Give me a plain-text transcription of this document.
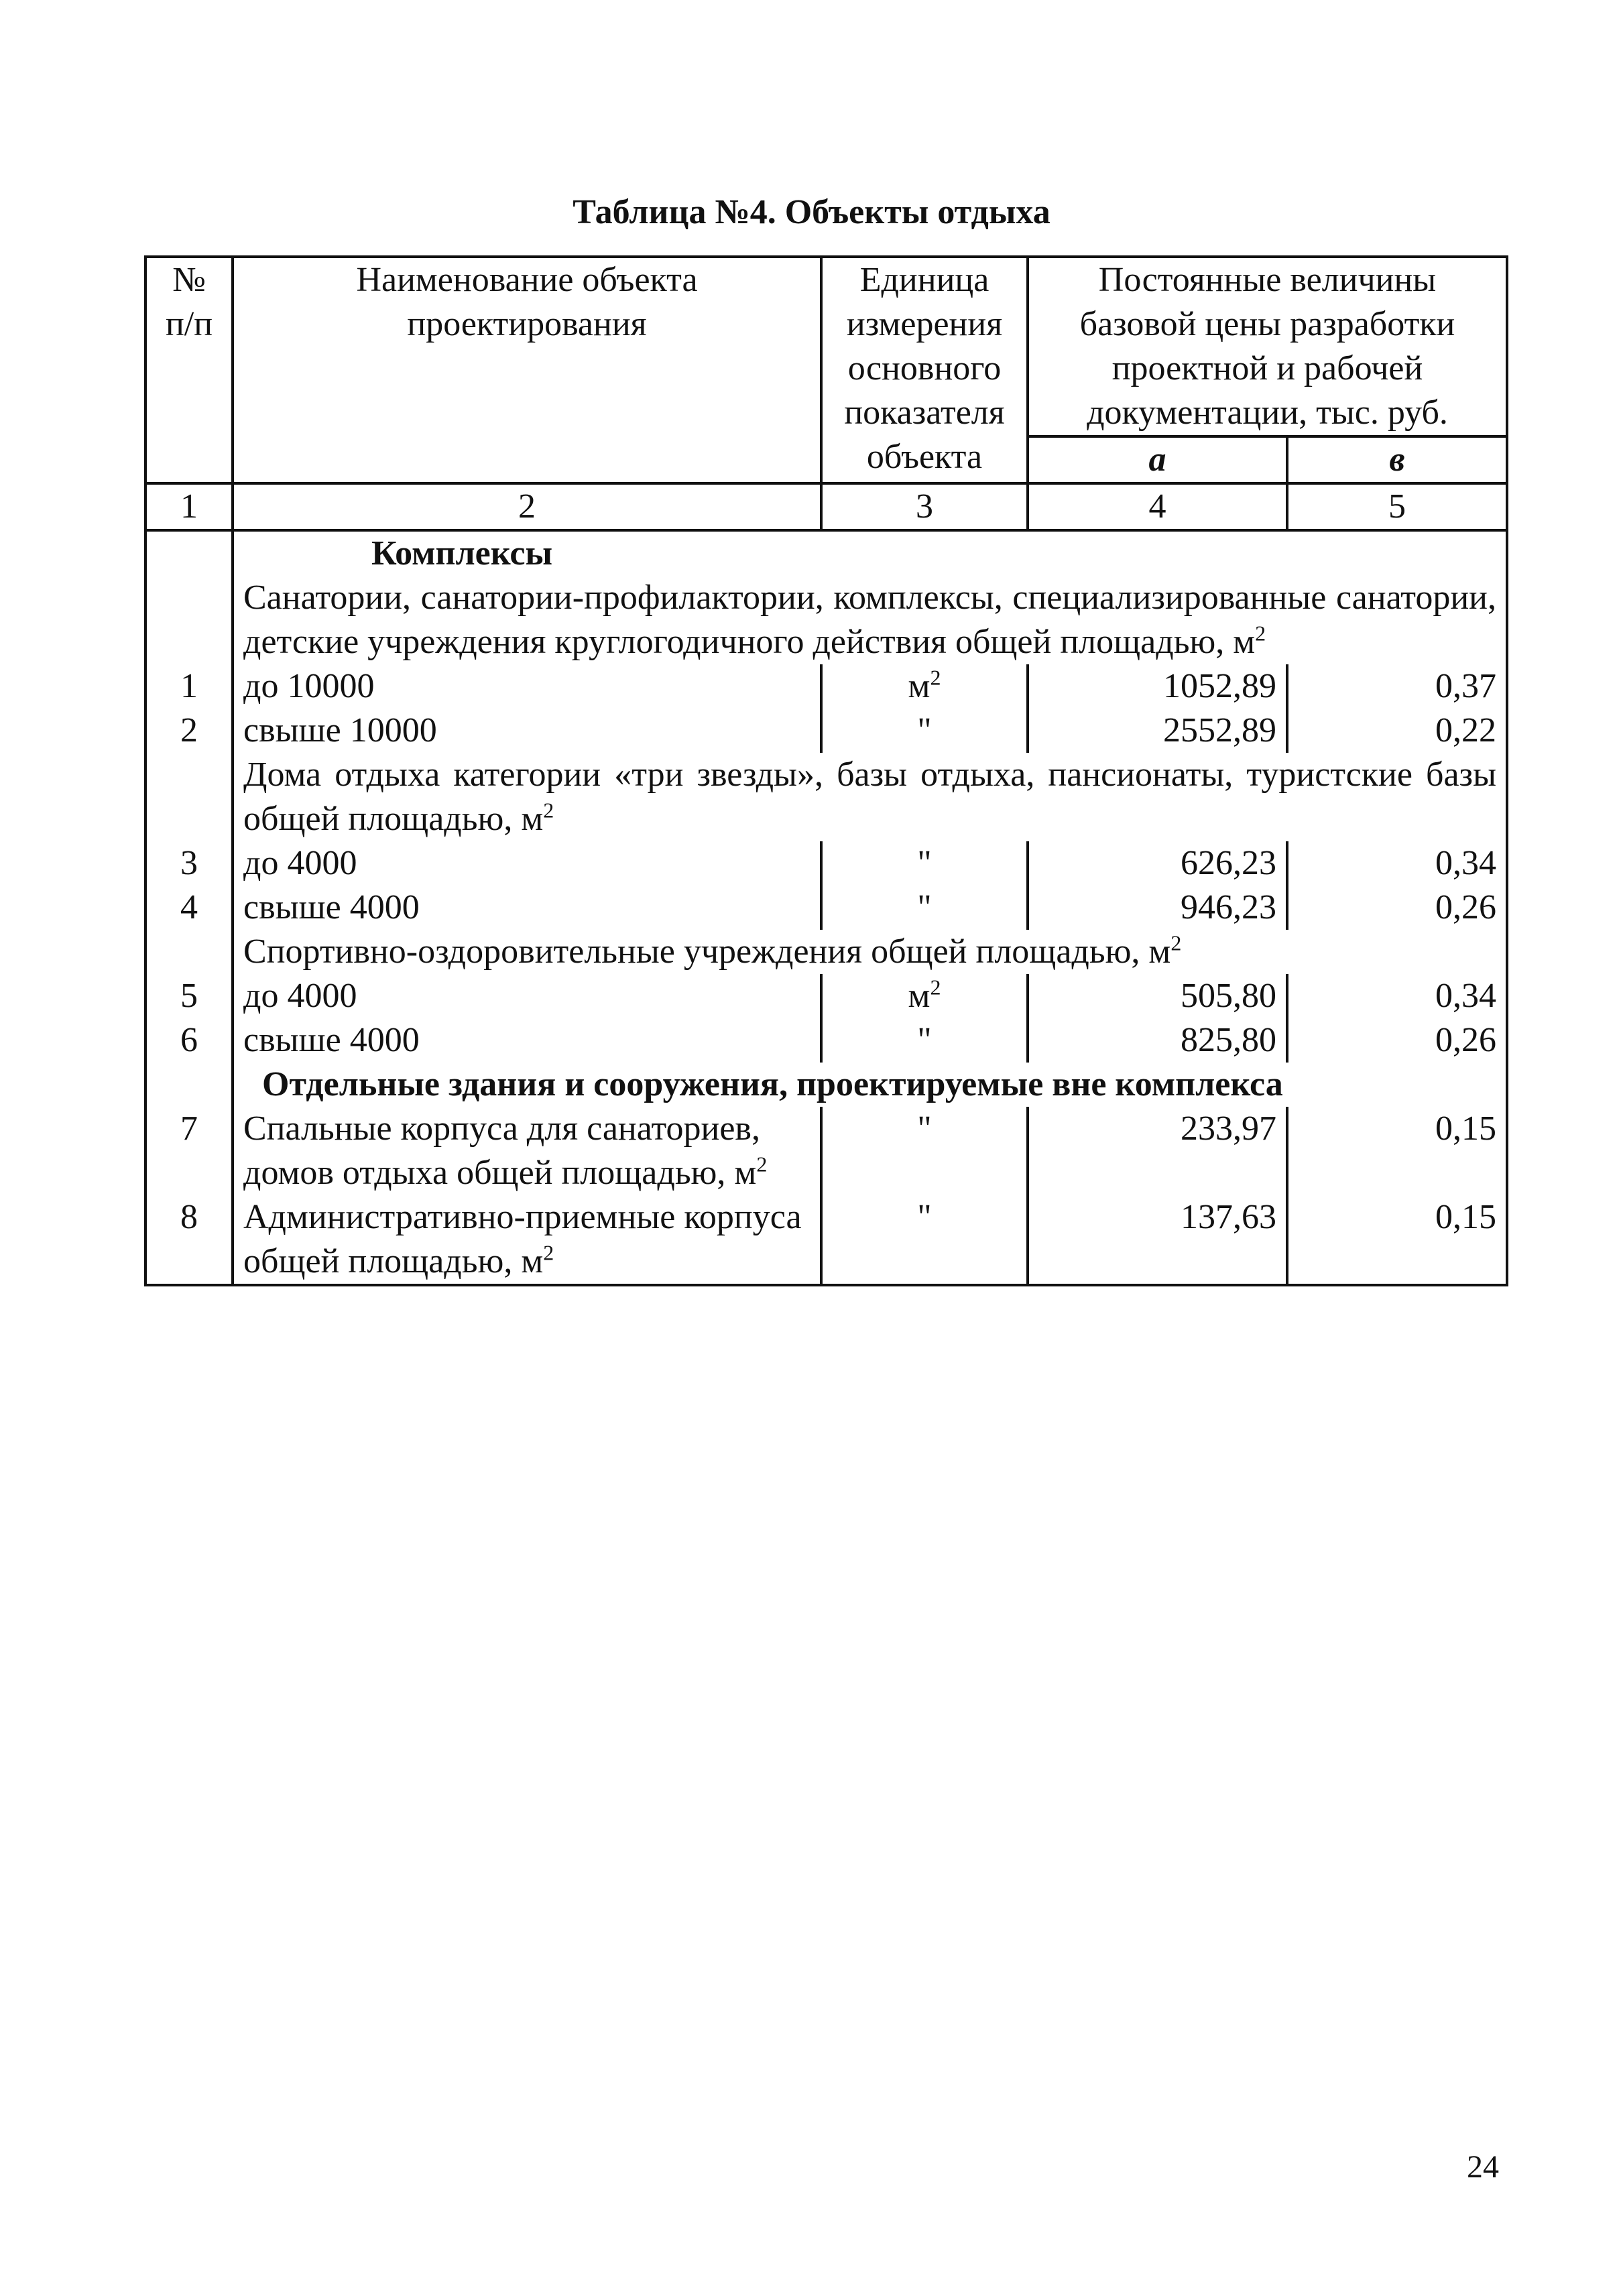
Таблица №4. Объекты отдыха
№ п/п	Наименование объекта проектирования	Единица измерения основного показателя объекта	Постоянные величины базовой цены разработки проектной и рабочей документации, тыс. руб.	
			а	в
1	2	3	4	5
	Комплексы			
	Санатории, санатории-профилактории, комплексы, специализированные санатории, детские учреждения круглогодичного действия общей площадью, $м^2$
1	до 10000	$м^2$	1052,89	0,37
2	свыше 10000	"	2552,89	0,22
	Дома отдыха категории «три звезды», базы отдыха, пансионаты, туристские базы общей площадью, $м^2$
3	до 4000	"	626,23	0,34
4	свыше 4000	"	946,23	0,26
	Спортивно-оздоровительные учреждения общей площадью, $м^2$
5	до 4000	$м^2$	505,80	0,34
6	свыше 4000	"	825,80	0,26
	Отдельные здания и сооружения, проектируемые вне комплекса			
7	Спальные корпуса для санаториев, домов отдыха общей площадью, $м^2$	"	233,97	0,15
8	Административно-приемные корпуса общей площадью, $м^2$	"	137,63	0,15
24
